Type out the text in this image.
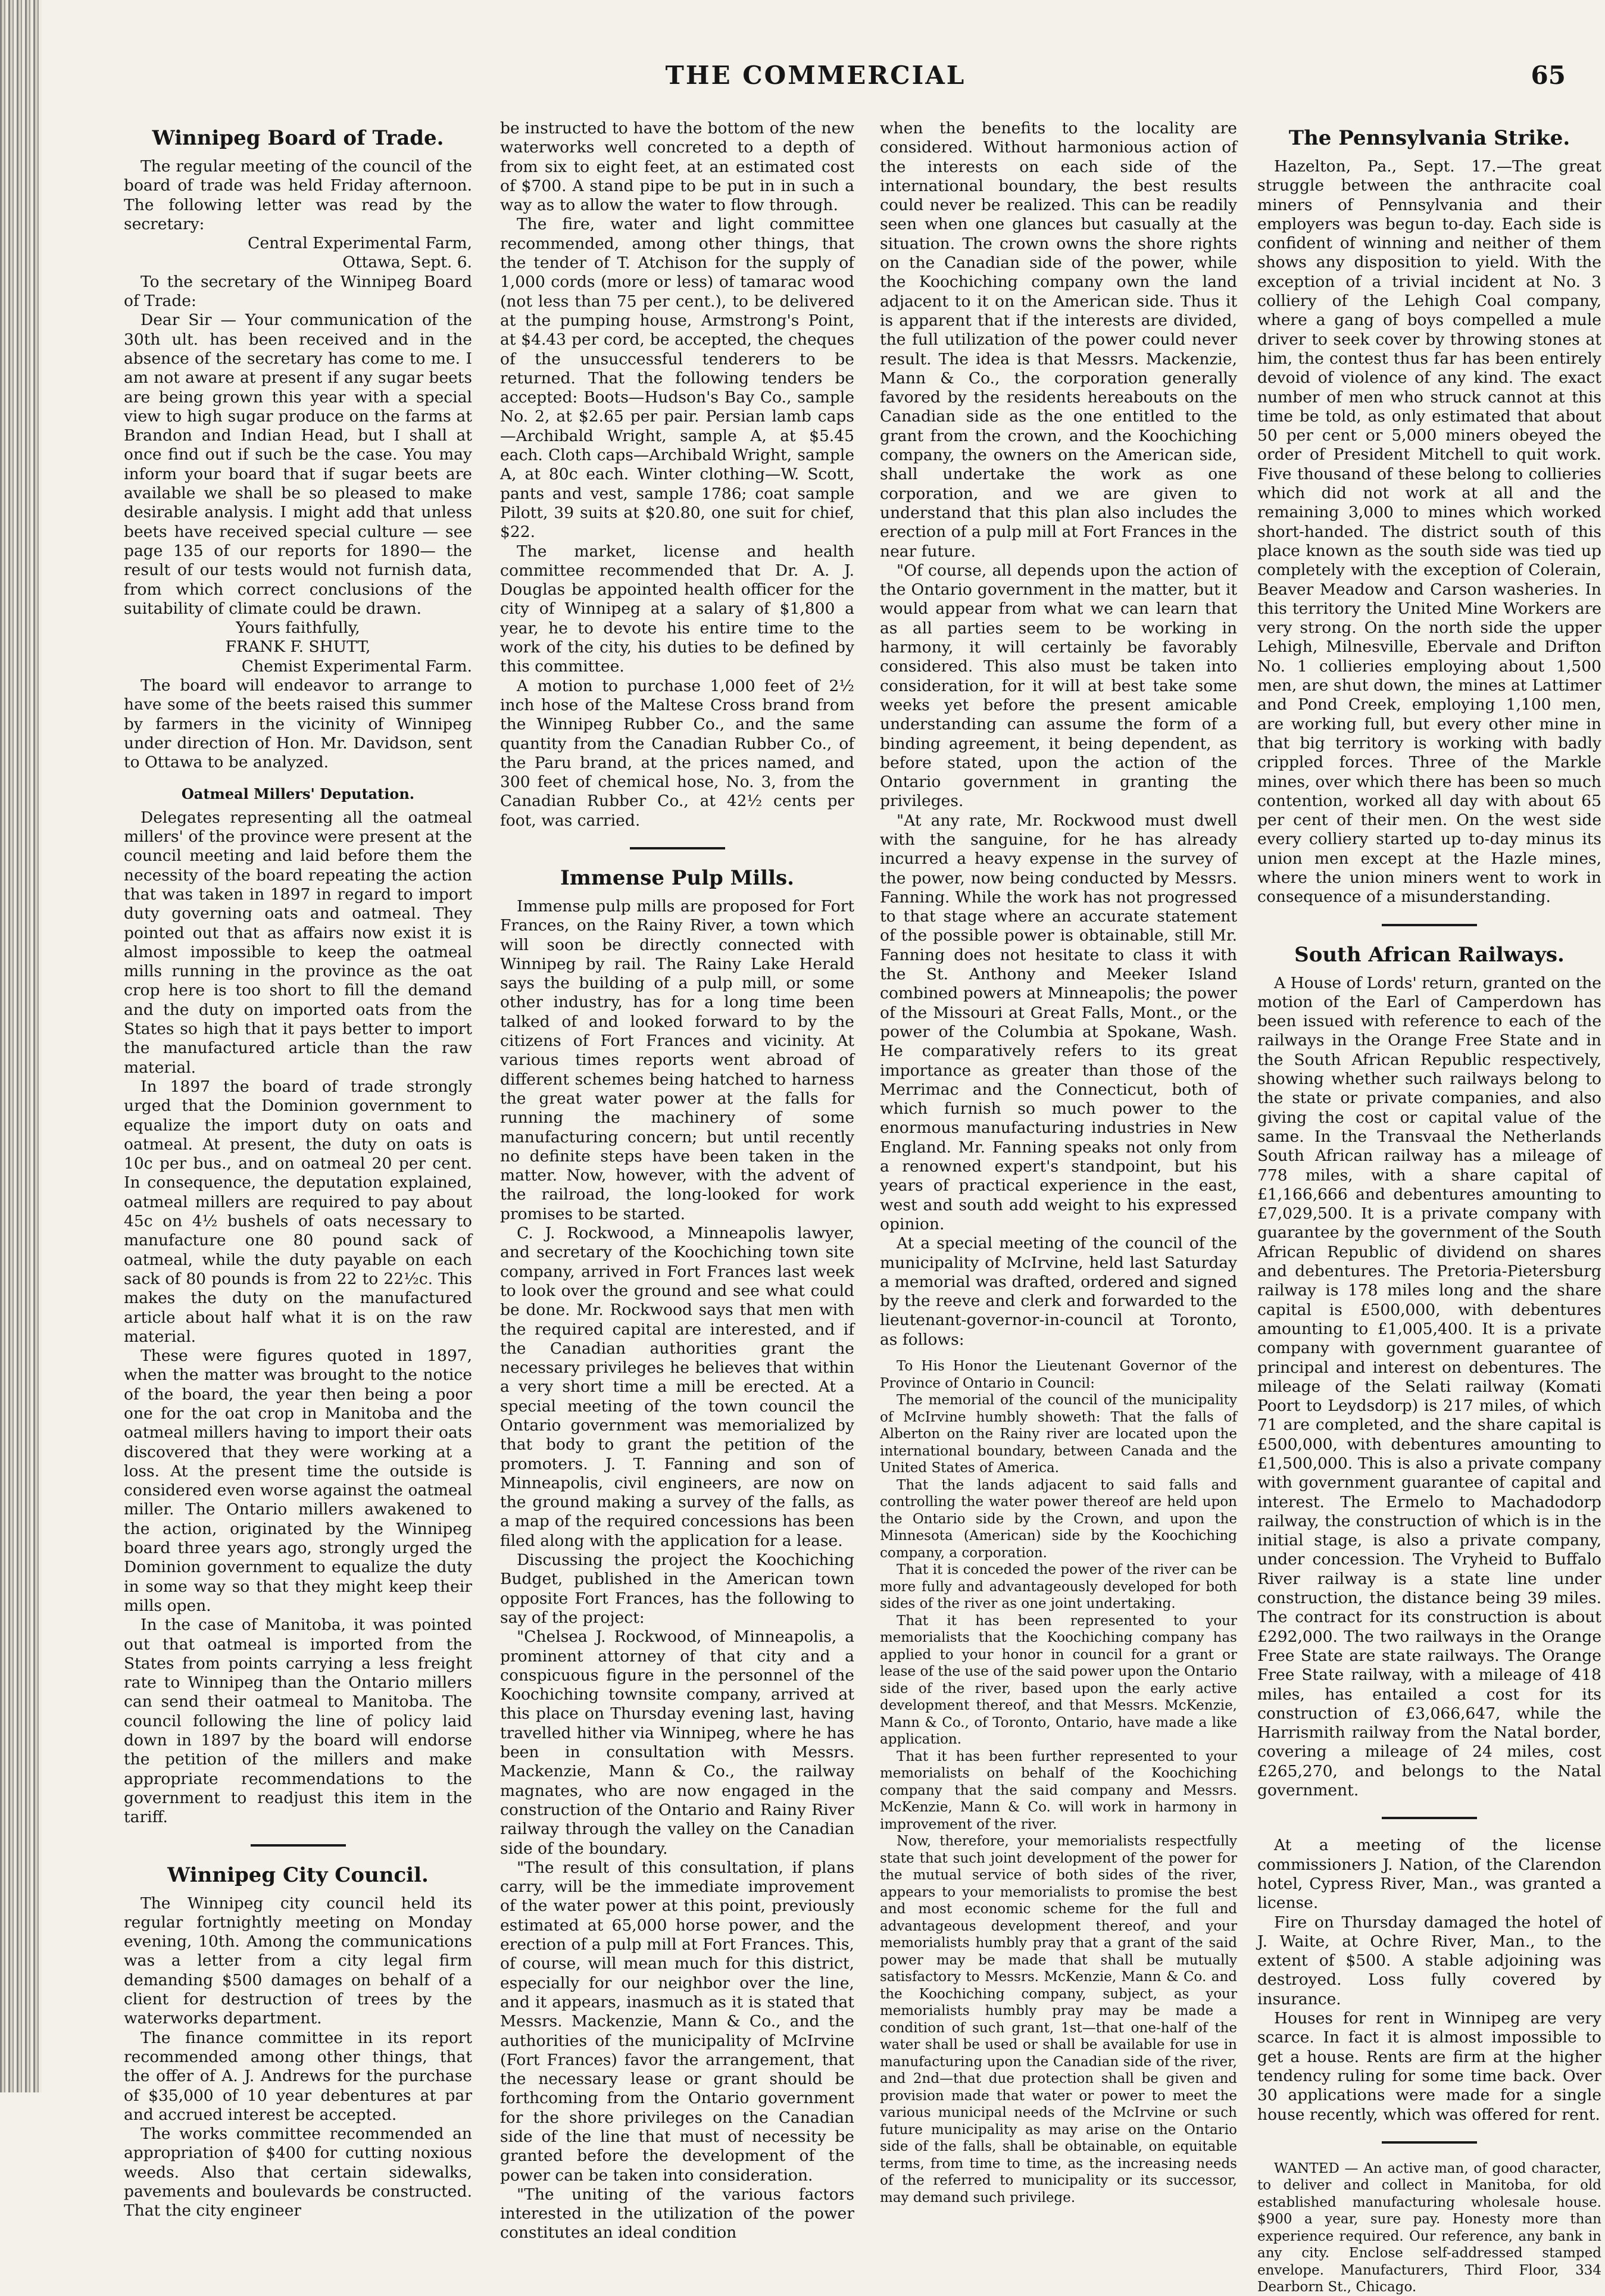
THE COMMERCIAL	65
Winnipeg Board of Trade.

The regular meeting of the council of the board of trade was held Friday afternoon. The following letter was read by the secretary:

Central Experimental Farm,

Ottawa, Sept. 6.

To the secretary of the Winnipeg Board of Trade:

Dear Sir — Your communication of the 30th ult. has been received and in the absence of the secretary has come to me. I am not aware at present if any sugar beets are being grown this year with a special view to high sugar produce on the farms at Brandon and Indian Head, but I shall at once find out if such be the case. You may inform your board that if sugar beets are available we shall be so pleased to make desirable analysis. I might add that unless beets have received special culture — see page 135 of our reports for 1890— the result of our tests would not furnish data, from which correct conclusions of the suitability of climate could be drawn.

Yours faithfully,

FRANK F. SHUTT,

Chemist Experimental Farm.

The board will endeavor to arrange to have some of the beets raised this summer by farmers in the vicinity of Winnipeg under direction of Hon. Mr. Davidson, sent to Ottawa to be analyzed.

Oatmeal Millers' Deputation.

Delegates representing all the oatmeal millers' of the province were present at the council meeting and laid before them the necessity of the board repeating the action that was taken in 1897 in regard to import duty governing oats and oatmeal. They pointed out that as affairs now exist it is almost impossible to keep the oatmeal mills running in the province as the oat crop here is too short to fill the demand and the duty on imported oats from the States so high that it pays better to import the manufactured article than the raw material.

In 1897 the board of trade strongly urged that the Dominion government to equalize the import duty on oats and oatmeal. At present, the duty on oats is 10c per bus., and on oatmeal 20 per cent. In consequence, the deputation explained, oatmeal millers are required to pay about 45c on 4½ bushels of oats necessary to manufacture one 80 pound sack of oatmeal, while the duty payable on each sack of 80 pounds is from 22 to 22½c. This makes the duty on the manufactured article about half what it is on the raw material.

These were figures quoted in 1897, when the matter was brought to the notice of the board, the year then being a poor one for the oat crop in Manitoba and the oatmeal millers having to import their oats discovered that they were working at a loss. At the present time the outside is considered even worse against the oatmeal miller. The Ontario millers awakened to the action, originated by the Winnipeg board three years ago, strongly urged the Dominion government to equalize the duty in some way so that they might keep their mills open.

In the case of Manitoba, it was pointed out that oatmeal is imported from the States from points carrying a less freight rate to Winnipeg than the Ontario millers can send their oatmeal to Manitoba. The council following the line of policy laid down in 1897 by the board will endorse the petition of the millers and make appropriate recommendations to the government to readjust this item in the tariff.

Winnipeg City Council.

The Winnipeg city council held its regular fortnightly meeting on Monday evening, 10th. Among the communications was a letter from a city legal firm demanding $500 damages on behalf of a client for destruction of trees by the waterworks department.

The finance committee in its report recommended among other things, that the offer of A. J. Andrews for the purchase of $35,000 of 10 year debentures at par and accrued interest be accepted.

The works committee recommended an appropriation of $400 for cutting noxious weeds. Also that certain sidewalks, pavements and boulevards be constructed. That the city engineer

be instructed to have the bottom of the new waterworks well concreted to a depth of from six to eight feet, at an estimated cost of $700. A stand pipe to be put in in such a way as to allow the water to flow through.

The fire, water and light committee recommended, among other things, that the tender of T. Atchison for the supply of 1,000 cords (more or less) of tamarac wood (not less than 75 per cent.), to be delivered at the pumping house, Armstrong's Point, at $4.43 per cord, be accepted, the cheques of the unsuccessful tenderers to be returned. That the following tenders be accepted: Boots—Hudson's Bay Co., sample No. 2, at $2.65 per pair. Persian lamb caps—Archibald Wright, sample A, at $5.45 each. Cloth caps—Archibald Wright, sample A, at 80c each. Winter clothing—W. Scott, pants and vest, sample 1786; coat sample Pilott, 39 suits at $20.80, one suit for chief, $22.

The market, license and health committee recommended that Dr. A. J. Douglas be appointed health officer for the city of Winnipeg at a salary of $1,800 a year, he to devote his entire time to the work of the city, his duties to be defined by this committee.

A motion to purchase 1,000 feet of 2½ inch hose of the Maltese Cross brand from the Winnipeg Rubber Co., and the same quantity from the Canadian Rubber Co., of the Paru brand, at the prices named, and 300 feet of chemical hose, No. 3, from the Canadian Rubber Co., at 42½ cents per foot, was carried.

Immense Pulp Mills.

Immense pulp mills are proposed for Fort Frances, on the Rainy River, a town which will soon be directly connected with Winnipeg by rail. The Rainy Lake Herald says the building of a pulp mill, or some other industry, has for a long time been talked of and looked forward to by the citizens of Fort Frances and vicinity. At various times reports went abroad of different schemes being hatched to harness the great water power at the falls for running the machinery of some manufacturing concern; but until recently no definite steps have been taken in the matter. Now, however, with the advent of the railroad, the long-looked for work promises to be started.

C. J. Rockwood, a Minneapolis lawyer, and secretary of the Koochiching town site company, arrived in Fort Frances last week to look over the ground and see what could be done. Mr. Rockwood says that men with the required capital are interested, and if the Canadian authorities grant the necessary privileges he believes that within a very short time a mill be erected. At a special meeting of the town council the Ontario government was memorialized by that body to grant the petition of the promoters. J. T. Fanning and son of Minneapolis, civil engineers, are now on the ground making a survey of the falls, as a map of the required concessions has been filed along with the application for a lease.

Discussing the project the Koochiching Budget, published in the American town opposite Fort Frances, has the following to say of the project:

"Chelsea J. Rockwood, of Minneapolis, a prominent attorney of that city and a conspicuous figure in the personnel of the Koochiching townsite company, arrived at this place on Thursday evening last, having travelled hither via Winnipeg, where he has been in consultation with Messrs. Mackenzie, Mann & Co., the railway magnates, who are now engaged in the construction of the Ontario and Rainy River railway through the valley on the Canadian side of the boundary.

"The result of this consultation, if plans carry, will be the immediate improvement of the water power at this point, previously estimated at 65,000 horse power, and the erection of a pulp mill at Fort Frances. This, of course, will mean much for this district, especially for our neighbor over the line, and it appears, inasmuch as it is stated that Messrs. Mackenzie, Mann & Co., and the authorities of the municipality of McIrvine (Fort Frances) favor the arrangement, that the necessary lease or grant should be forthcoming from the Ontario government for the shore privileges on the Canadian side of the line that must of necessity be granted before the development of the power can be taken into consideration.

"The uniting of the various factors interested in the utilization of the power constitutes an ideal condition

when the benefits to the locality are considered. Without harmonious action of the interests on each side of the international boundary, the best results could never be realized. This can be readily seen when one glances but casually at the situation. The crown owns the shore rights on the Canadian side of the power, while the Koochiching company own the land adjacent to it on the American side. Thus it is apparent that if the interests are divided, the full utilization of the power could never result. The idea is that Messrs. Mackenzie, Mann & Co., the corporation generally favored by the residents hereabouts on the Canadian side as the one entitled to the grant from the crown, and the Koochiching company, the owners on the American side, shall undertake the work as one corporation, and we are given to understand that this plan also includes the erection of a pulp mill at Fort Frances in the near future.

"Of course, all depends upon the action of the Ontario government in the matter, but it would appear from what we can learn that as all parties seem to be working in harmony, it will certainly be favorably considered. This also must be taken into consideration, for it will at best take some weeks yet before the present amicable understanding can assume the form of a binding agreement, it being dependent, as before stated, upon the action of the Ontario government in granting the privileges.

"At any rate, Mr. Rockwood must dwell with the sanguine, for he has already incurred a heavy expense in the survey of the power, now being conducted by Messrs. Fanning. While the work has not progressed to that stage where an accurate statement of the possible power is obtainable, still Mr. Fanning does not hesitate to class it with the St. Anthony and Meeker Island combined powers at Minneapolis; the power of the Missouri at Great Falls, Mont., or the power of the Columbia at Spokane, Wash. He comparatively refers to its great importance as greater than those of the Merrimac and the Connecticut, both of which furnish so much power to the enormous manufacturing industries in New England. Mr. Fanning speaks not only from a renowned expert's standpoint, but his years of practical experience in the east, west and south add weight to his expressed opinion.

At a special meeting of the council of the municipality of McIrvine, held last Saturday a memorial was drafted, ordered and signed by the reeve and clerk and forwarded to the lieutenant-governor-in-council at Toronto, as follows:

To His Honor the Lieutenant Governor of the Province of Ontario in Council:

The memorial of the council of the municipality of McIrvine humbly showeth: That the falls of Alberton on the Rainy river are located upon the international boundary, between Canada and the United States of America.

That the lands adjacent to said falls and controlling the water power thereof are held upon the Ontario side by the Crown, and upon the Minnesota (American) side by the Koochiching company, a corporation.

That it is conceded the power of the river can be more fully and advantageously developed for both sides of the river as one joint undertaking.

That it has been represented to your memorialists that the Koochiching company has applied to your honor in council for a grant or lease of the use of the said power upon the Ontario side of the river, based upon the early active development thereof, and that Messrs. McKenzie, Mann & Co., of Toronto, Ontario, have made a like application.

That it has been further represented to your memorialists on behalf of the Koochiching company that the said company and Messrs. McKenzie, Mann & Co. will work in harmony in improvement of the river.

Now, therefore, your memorialists respectfully state that such joint development of the power for the mutual service of both sides of the river, appears to your memorialists to promise the best and most economic scheme for the full and advantageous development thereof, and your memorialists humbly pray that a grant of the said power may be made that shall be mutually satisfactory to Messrs. McKenzie, Mann & Co. and the Koochiching company, subject, as your memorialists humbly pray may be made a condition of such grant, 1st—that one-half of the water shall be used or shall be available for use in manufacturing upon the Canadian side of the river, and 2nd—that due protection shall be given and provision made that water or power to meet the various municipal needs of the McIrvine or such future municipality as may arise on the Ontario side of the falls, shall be obtainable, on equitable terms, from time to time, as the increasing needs of the referred to municipality or its successor, may demand such privilege.

The Pennsylvania Strike.

Hazelton, Pa., Sept. 17.—The great struggle between the anthracite coal miners of Pennsylvania and their employers was begun to-day. Each side is confident of winning and neither of them shows any disposition to yield. With the exception of a trivial incident at No. 3 colliery of the Lehigh Coal company, where a gang of boys compelled a mule driver to seek cover by throwing stones at him, the contest thus far has been entirely devoid of violence of any kind. The exact number of men who struck cannot at this time be told, as only estimated that about 50 per cent or 5,000 miners obeyed the order of President Mitchell to quit work. Five thousand of these belong to collieries which did not work at all and the remaining 3,000 to mines which worked short-handed. The district south of this place known as the south side was tied up completely with the exception of Colerain, Beaver Meadow and Carson washeries. In this territory the United Mine Workers are very strong. On the north side the upper Lehigh, Milnesville, Ebervale and Drifton No. 1 collieries employing about 1,500 men, are shut down, the mines at Lattimer and Pond Creek, employing 1,100 men, are working full, but every other mine in that big territory is working with badly crippled forces. Three of the Markle mines, over which there has been so much contention, worked all day with about 65 per cent of their men. On the west side every colliery started up to-day minus its union men except at the Hazle mines, where the union miners went to work in consequence of a misunderstanding.

South African Railways.

A House of Lords' return, granted on the motion of the Earl of Camperdown has been issued with reference to each of the railways in the Orange Free State and in the South African Republic respectively, showing whether such railways belong to the state or private companies, and also giving the cost or capital value of the same. In the Transvaal the Netherlands South African railway has a mileage of 778 miles, with a share capital of £1,166,666 and debentures amounting to £7,029,500. It is a private company with guarantee by the government of the South African Republic of dividend on shares and debentures. The Pretoria-Pietersburg railway is 178 miles long and the share capital is £500,000, with debentures amounting to £1,005,400. It is a private company with government guarantee of principal and interest on debentures. The mileage of the Selati railway (Komati Poort to Leydsdorp) is 217 miles, of which 71 are completed, and the share capital is £500,000, with debentures amounting to £1,500,000. This is also a private company with government guarantee of capital and interest. The Ermelo to Machadodorp railway, the construction of which is in the initial stage, is also a private company, under concession. The Vryheid to Buffalo River railway is a state line under construction, the distance being 39 miles. The contract for its construction is about £292,000. The two railways in the Orange Free State are state railways. The Orange Free State railway, with a mileage of 418 miles, has entailed a cost for its construction of £3,066,647, while the Harrismith railway from the Natal border, covering a mileage of 24 miles, cost £265,270, and belongs to the Natal government.

At a meeting of the license commissioners J. Nation, of the Clarendon hotel, Cypress River, Man., was granted a license.

Fire on Thursday damaged the hotel of J. Waite, at Ochre River, Man., to the extent of $500. A stable adjoining was destroyed. Loss fully covered by insurance.

Houses for rent in Winnipeg are very scarce. In fact it is almost impossible to get a house. Rents are firm at the higher tendency ruling for some time back. Over 30 applications were made for a single house recently, which was offered for rent.

WANTED — An active man, of good character, to deliver and collect in Manitoba, for old established manufacturing wholesale house. $900 a year, sure pay. Honesty more than experience required. Our reference, any bank in any city. Enclose self-addressed stamped envelope. Manufacturers, Third Floor, 334 Dearborn St., Chicago.
